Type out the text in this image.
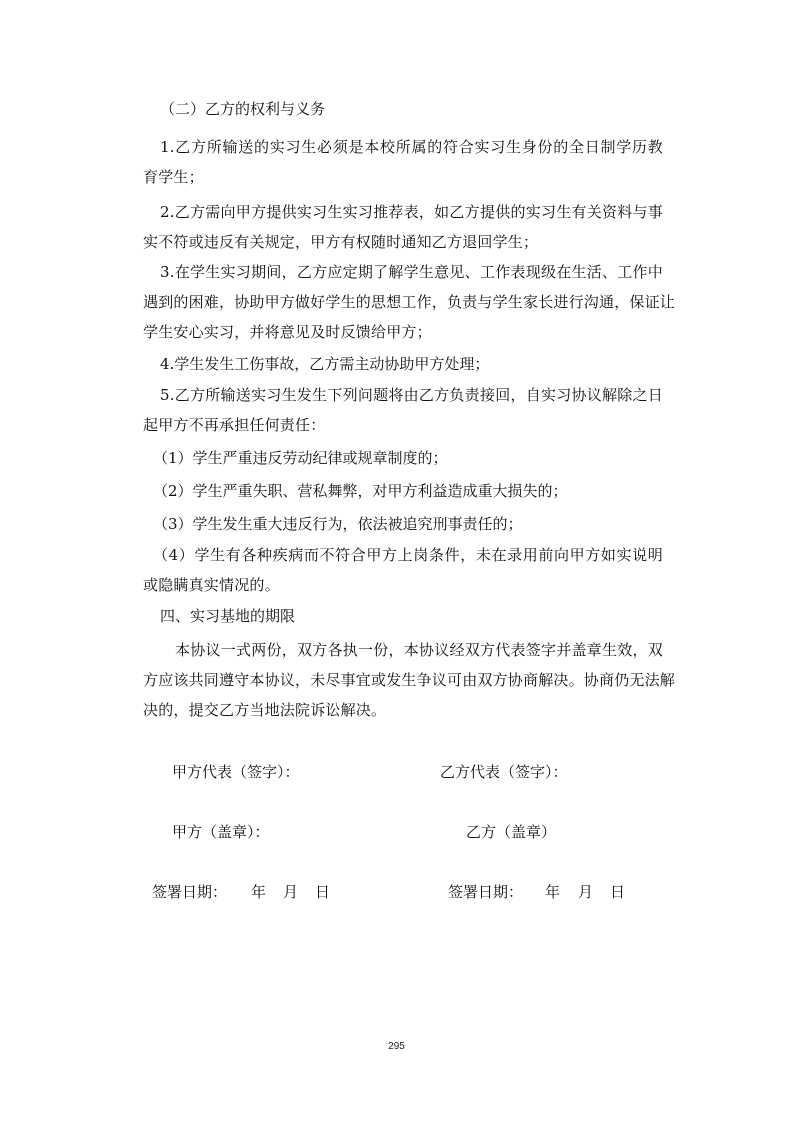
（二）乙方的权利与义务
1.乙方所输送的实习生必须是本校所属的符合实习生身份的全日制学历教
育学生；
2.乙方需向甲方提供实习生实习推荐表，如乙方提供的实习生有关资料与事
实不符或违反有关规定，甲方有权随时通知乙方退回学生；
3.在学生实习期间，乙方应定期了解学生意见、工作表现级在生活、工作中
遇到的困难，协助甲方做好学生的思想工作，负责与学生家长进行沟通，保证让
学生安心实习，并将意见及时反馈给甲方；
4.学生发生工伤事故，乙方需主动协助甲方处理；
5.乙方所输送实习生发生下列问题将由乙方负责接回，自实习协议解除之日
起甲方不再承担任何责任：
（1）学生严重违反劳动纪律或规章制度的；
（2）学生严重失职、营私舞弊，对甲方利益造成重大损失的；
（3）学生发生重大违反行为，依法被追究刑事责任的；
（4）学生有各种疾病而不符合甲方上岗条件，未在录用前向甲方如实说明
或隐瞒真实情况的。
四、实习基地的期限
本协议一式两份，双方各执一份，本协议经双方代表签字并盖章生效，双
方应该共同遵守本协议，未尽事宜或发生争议可由双方协商解决。协商仍无法解
决的，提交乙方当地法院诉讼解决。
甲方代表（签字）：	乙方代表（签字）：
甲方（盖章）：	乙方（盖章）
签署日期： 年 月 日	签署日期： 年 月 日
295
